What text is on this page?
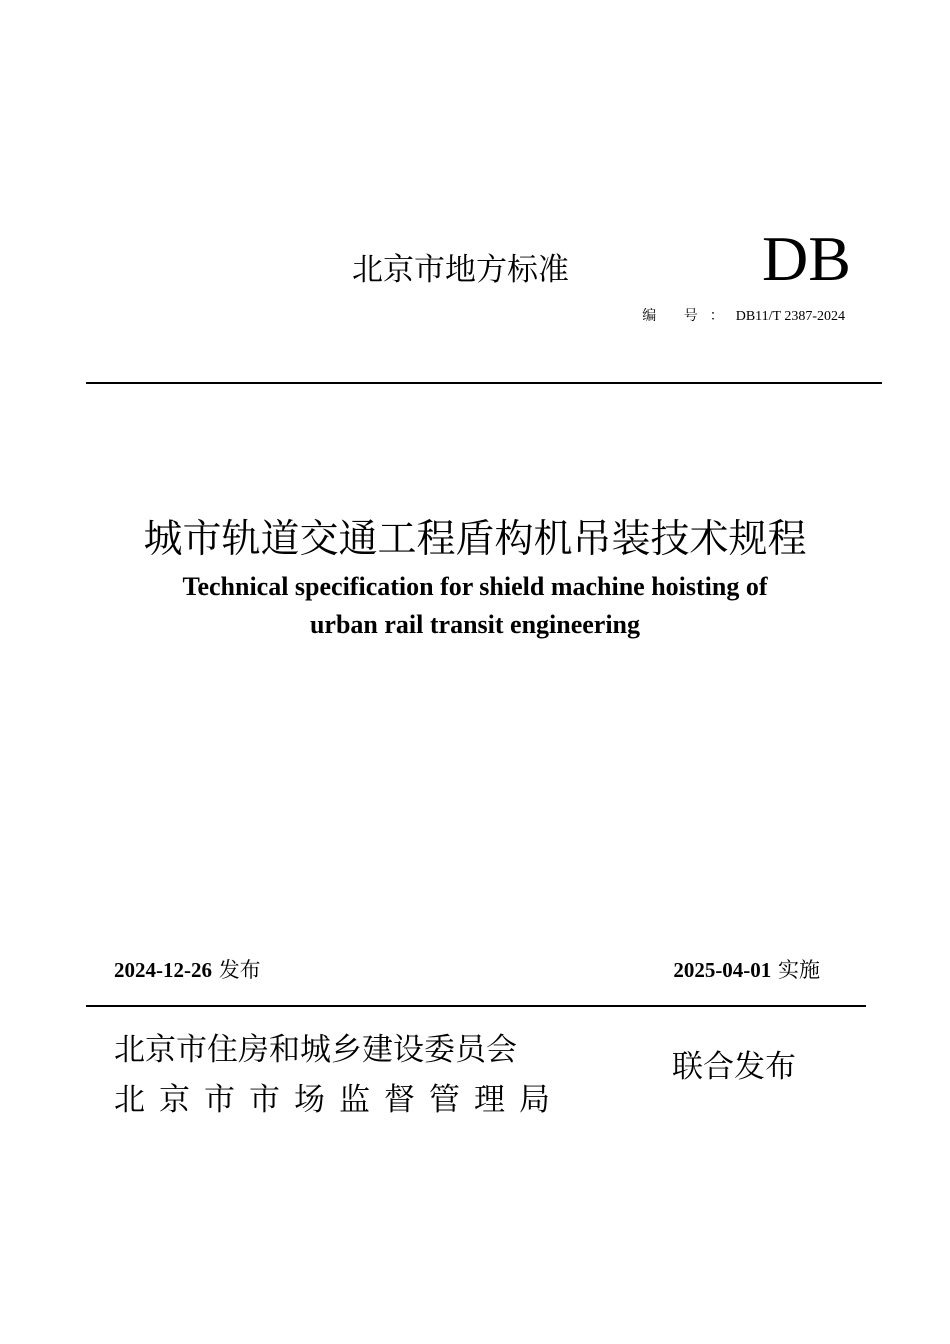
北京市地方标准	DB
编 号：DB11/T 2387-2024
城市轨道交通工程盾构机吊装技术规程
Technical specification for shield machine hoisting of
urban rail transit engineering
2024-12-26 发布	2025-04-01 实施
北京市住房和城乡建设委员会
北京市市场监督管理局
联合发布
